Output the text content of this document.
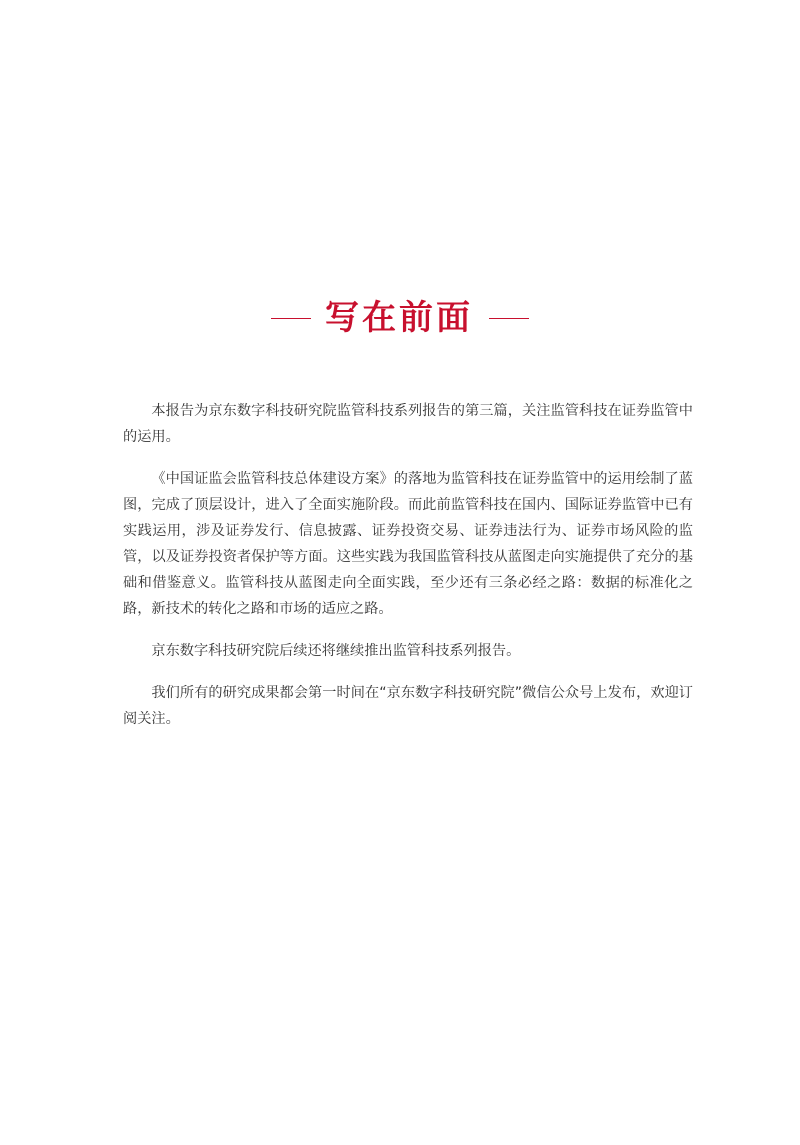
写在前面

本报告为京东数字科技研究院监管科技系列报告的第三篇，关注监管科技在证券监管中的运用。

《中国证监会监管科技总体建设方案》的落地为监管科技在证券监管中的运用绘制了蓝图，完成了顶层设计，进入了全面实施阶段。而此前监管科技在国内、国际证券监管中已有实践运用，涉及证券发行、信息披露、证券投资交易、证券违法行为、证券市场风险的监管，以及证券投资者保护等方面。这些实践为我国监管科技从蓝图走向实施提供了充分的基础和借鉴意义。监管科技从蓝图走向全面实践，至少还有三条必经之路：数据的标准化之路，新技术的转化之路和市场的适应之路。

京东数字科技研究院后续还将继续推出监管科技系列报告。

我们所有的研究成果都会第一时间在“京东数字科技研究院”微信公众号上发布，欢迎订阅关注。
